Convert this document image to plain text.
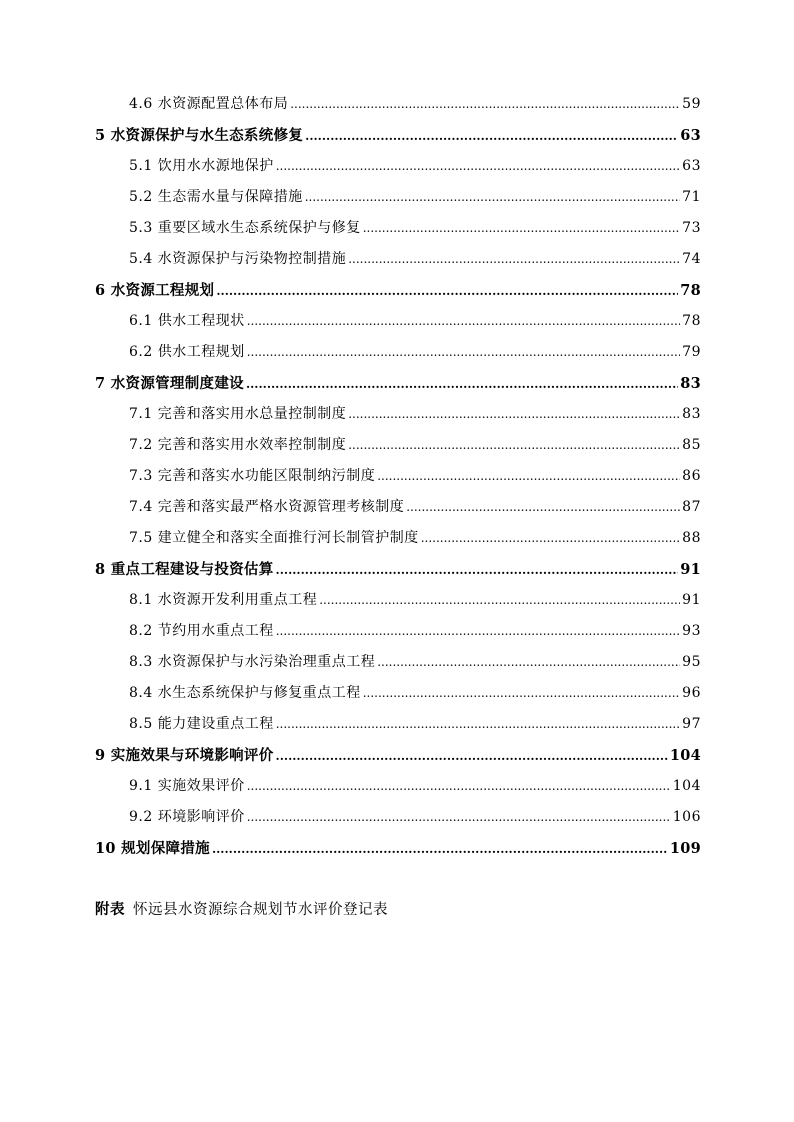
4.6 水资源配置总体布局 .....	59
5 水资源保护与水生态系统修复 .....	63
5.1 饮用水水源地保护 .....	63
5.2 生态需水量与保障措施 .....	71
5.3 重要区域水生态系统保护与修复 .....	73
5.4 水资源保护与污染物控制措施 .....	74
6 水资源工程规划 .....	78
6.1 供水工程现状 .....	78
6.2 供水工程规划 .....	79
7 水资源管理制度建设 .....	83
7.1 完善和落实用水总量控制制度 .....	83
7.2 完善和落实用水效率控制制度 .....	85
7.3 完善和落实水功能区限制纳污制度 .....	86
7.4 完善和落实最严格水资源管理考核制度 .....	87
7.5 建立健全和落实全面推行河长制管护制度 .....	88
8 重点工程建设与投资估算 .....	91
8.1 水资源开发利用重点工程 .....	91
8.2 节约用水重点工程 .....	93
8.3 水资源保护与水污染治理重点工程 .....	95
8.4 水生态系统保护与修复重点工程 .....	96
8.5 能力建设重点工程 .....	97
9 实施效果与环境影响评价 .....	104
9.1 实施效果评价 .....	104
9.2 环境影响评价 .....	106
10 规划保障措施 .....	109
附表 怀远县水资源综合规划节水评价登记表
